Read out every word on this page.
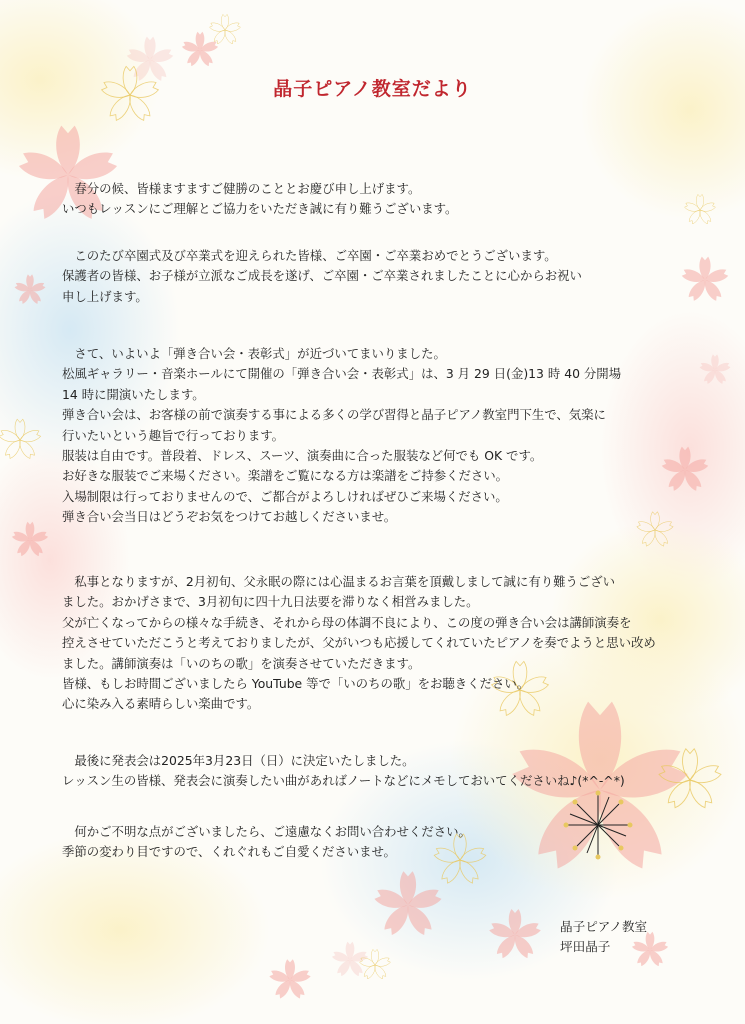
晶子ピアノ教室だより
　春分の候、皆様ますますご健勝のこととお慶び申し上げます。
いつもレッスンにご理解とご協力をいただき誠に有り難うございます。
　このたび卒園式及び卒業式を迎えられた皆様、ご卒園・ご卒業おめでとうございます。
保護者の皆様、お子様が立派なご成長を遂げ、ご卒園・ご卒業されましたことに心からお祝い
申し上げます。
　さて、いよいよ「弾き合い会・表彰式」が近づいてまいりました。
松風ギャラリー・音楽ホールにて開催の「弾き合い会・表彰式」は、3 月 29 日(金)13 時 40 分開場
14 時に開演いたします。
弾き合い会は、お客様の前で演奏する事による多くの学び習得と晶子ピアノ教室門下生で、気楽に
行いたいという趣旨で行っております。
服装は自由です。普段着、ドレス、スーツ、演奏曲に合った服装など何でも OK です。
お好きな服装でご来場ください。楽譜をご覧になる方は楽譜をご持参ください。
入場制限は行っておりませんので、ご都合がよろしければぜひご来場ください。
弾き合い会当日はどうぞお気をつけてお越しくださいませ。
　私事となりますが、2月初旬、父永眠の際には心温まるお言葉を頂戴しまして誠に有り難うござい
ました。おかげさまで、3月初旬に四十九日法要を滞りなく相営みました。
父が亡くなってからの様々な手続き、それから母の体調不良により、この度の弾き合い会は講師演奏を
控えさせていただこうと考えておりましたが、父がいつも応援してくれていたピアノを奏でようと思い改め
ました。講師演奏は「いのちの歌」を演奏させていただきます。
皆様、もしお時間ございましたら YouTube 等で「いのちの歌」をお聴きください。
心に染み入る素晴らしい楽曲です。
　最後に発表会は2025年3月23日（日）に決定いたしました。
レッスン生の皆様、発表会に演奏したい曲があればノートなどにメモしておいてくださいね♪(*^-^*)
　何かご不明な点がございましたら、ご遠慮なくお問い合わせください。
季節の変わり目ですので、くれぐれもご自愛くださいませ。
晶子ピアノ教室
坪田晶子
